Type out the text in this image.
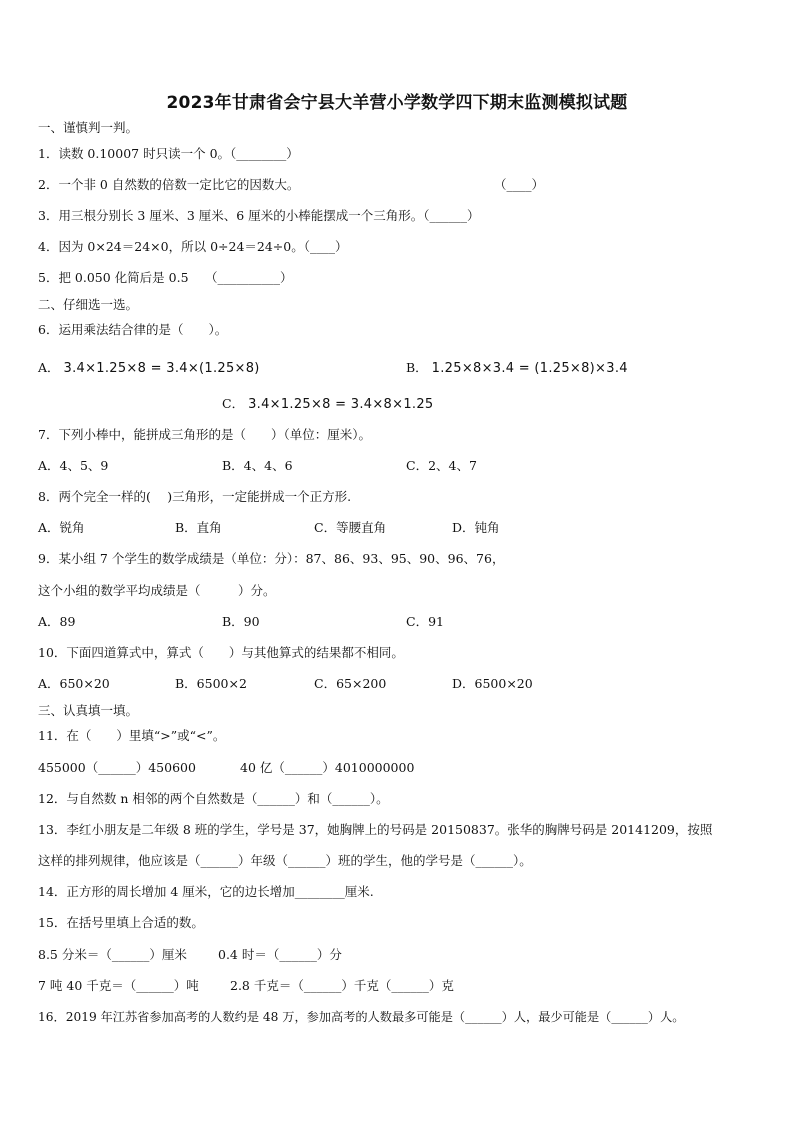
2023年甘肃省会宁县大羊营小学数学四下期末监测模拟试题
一、谨慎判一判。
1．读数 0.10007 时只读一个 0。（________）
2．一个非 0 自然数的倍数一定比它的因数大。	（____）
3．用三根分别长 3 厘米、3 厘米、6 厘米的小棒能摆成一个三角形。（______）
4．因为 0×24＝24×0，所以 0÷24＝24÷0。（____）
5．把 0.050 化简后是 0.5　 （__________）
二、仔细选一选。
6．运用乘法结合律的是（　　）。
A． 3.4×1.25×8 = 3.4×(1.25×8)	B． 1.25×8×3.4 = (1.25×8)×3.4
C． 3.4×1.25×8 = 3.4×8×1.25
7．下列小棒中，能拼成三角形的是（　　）（单位：厘米）。
A．4、5、9	B．4、4、6	C．2、4、7
8．两个完全一样的(　 )三角形，一定能拼成一个正方形.
A．锐角	B．直角	C．等腰直角	D．钝角
9．某小组 7 个学生的数学成绩是（单位：分）：87、86、93、95、90、96、76，
这个小组的数学平均成绩是（　　　）分。
A．89	B．90	C．91
10．下面四道算式中，算式（　　）与其他算式的结果都不相同。
A．650×20	B．6500×2	C．65×200	D．6500×20
三、认真填一填。
11．在（　　）里填“>”或“<”。
455000（______）450600	40 亿（______）4010000000
12．与自然数 n 相邻的两个自然数是（______）和（______）。
13．李红小朋友是二年级 8 班的学生，学号是 37，她胸牌上的号码是 20150837。张华的胸牌号码是 20141209，按照
这样的排列规律，他应该是（______）年级（______）班的学生，他的学号是（______）。
14．正方形的周长增加 4 厘米，它的边长增加________厘米.
15．在括号里填上合适的数。
8.5 分米＝（______）厘米 0.4 时＝（______）分
7 吨 40 千克＝（______）吨 2.8 千克＝（______）千克（______）克
16．2019 年江苏省参加高考的人数约是 48 万，参加高考的人数最多可能是（______）人，最少可能是（______）人。
